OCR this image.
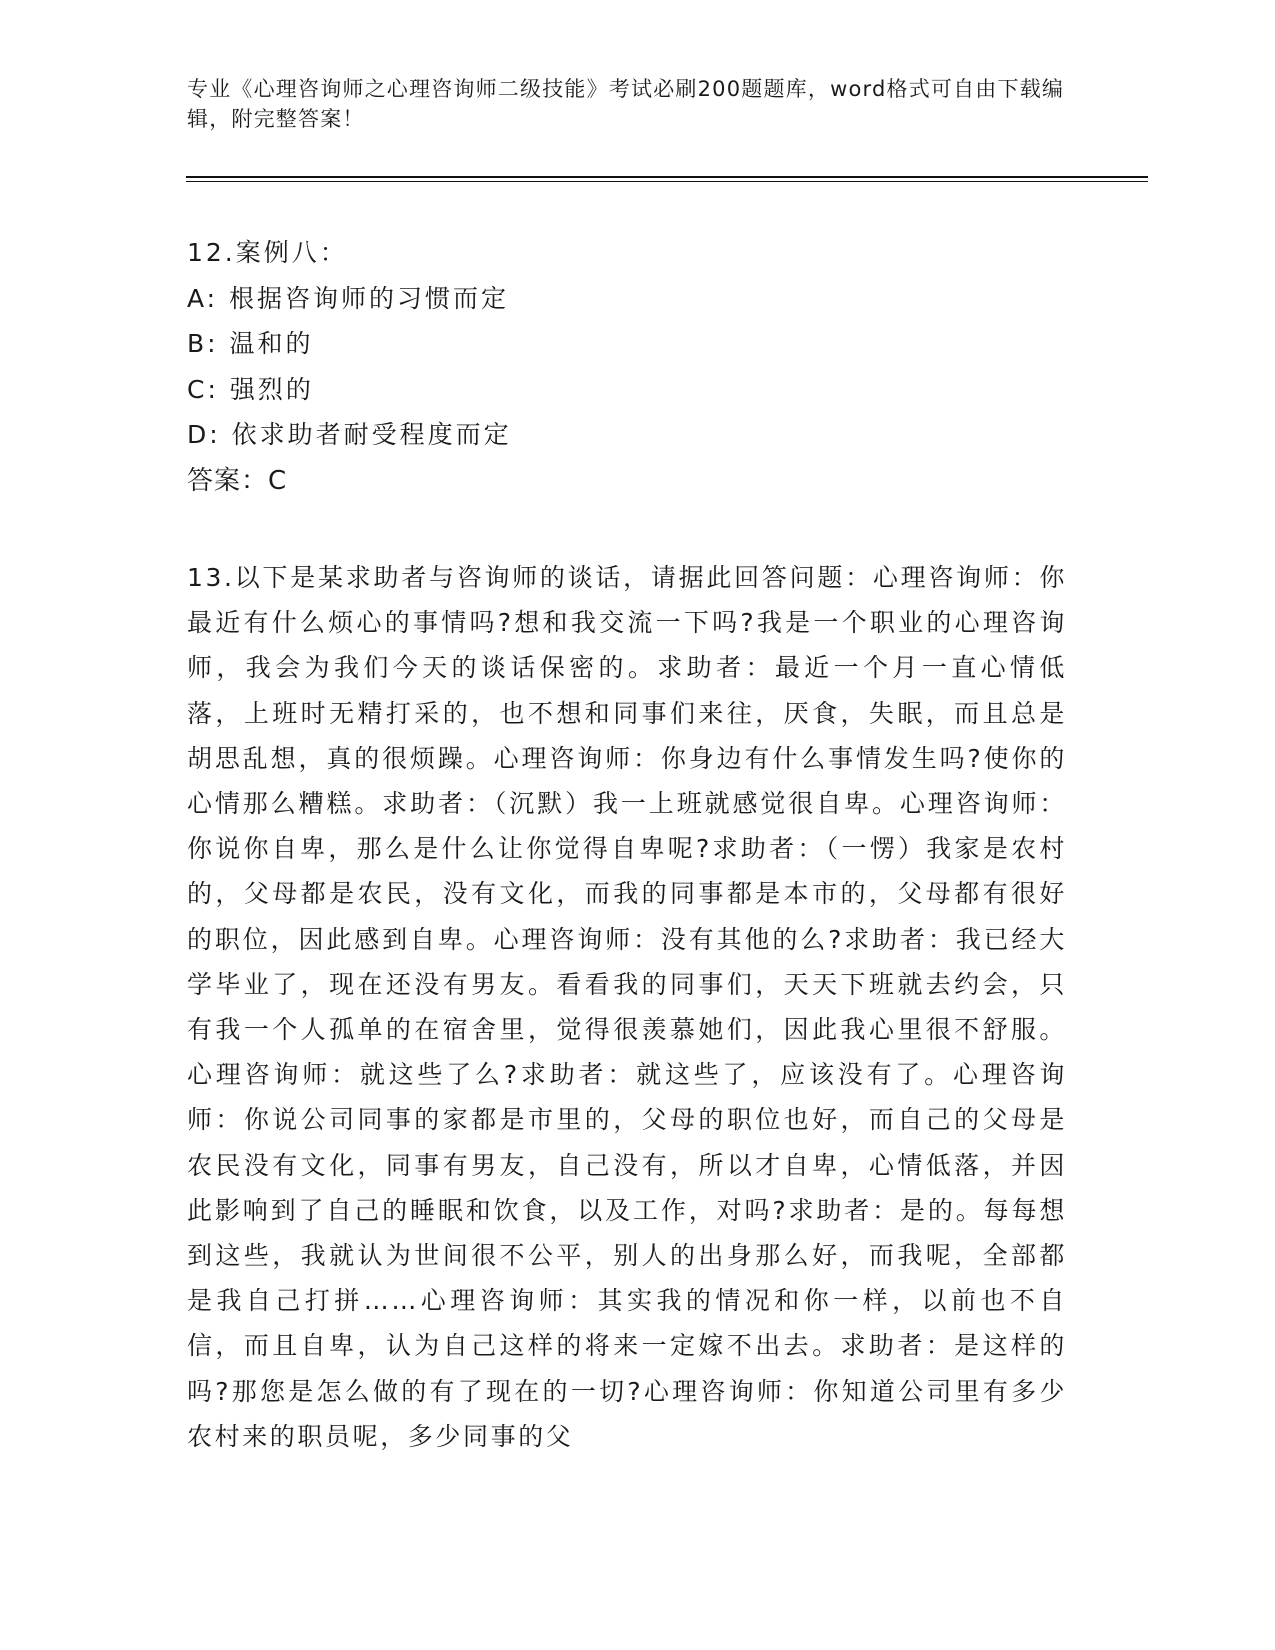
专业《心理咨询师之心理咨询师二级技能》考试必刷200题题库，word格式可自由下载编辑，附完整答案！

12.案例八：
A: 根据咨询师的习惯而定
B: 温和的
C: 强烈的
D: 依求助者耐受程度而定
答案：C

13.以下是某求助者与咨询师的谈话，请据此回答问题：心理咨询师：你最近有什么烦心的事情吗?想和我交流一下吗?我是一个职业的心理咨询师，我会为我们今天的谈话保密的。求助者：最近一个月一直心情低落，上班时无精打采的，也不想和同事们来往，厌食，失眠，而且总是胡思乱想，真的很烦躁。心理咨询师：你身边有什么事情发生吗?使你的心情那么糟糕。求助者：（沉默）我一上班就感觉很自卑。心理咨询师：你说你自卑，那么是什么让你觉得自卑呢?求助者：（一愣）我家是农村的，父母都是农民，没有文化，而我的同事都是本市的，父母都有很好的职位，因此感到自卑。心理咨询师：没有其他的么?求助者：我已经大学毕业了，现在还没有男友。看看我的同事们，天天下班就去约会，只有我一个人孤单的在宿舍里，觉得很羡慕她们，因此我心里很不舒服。心理咨询师：就这些了么?求助者：就这些了，应该没有了。心理咨询师：你说公司同事的家都是市里的，父母的职位也好，而自己的父母是农民没有文化，同事有男友，自己没有，所以才自卑，心情低落，并因此影响到了自己的睡眠和饮食，以及工作，对吗?求助者：是的。每每想到这些，我就认为世间很不公平，别人的出身那么好，而我呢，全部都是我自己打拼……心理咨询师：其实我的情况和你一样，以前也不自信，而且自卑，认为自己这样的将来一定嫁不出去。求助者：是这样的吗?那您是怎么做的有了现在的一切?心理咨询师：你知道公司里有多少农村来的职员呢，多少同事的父
